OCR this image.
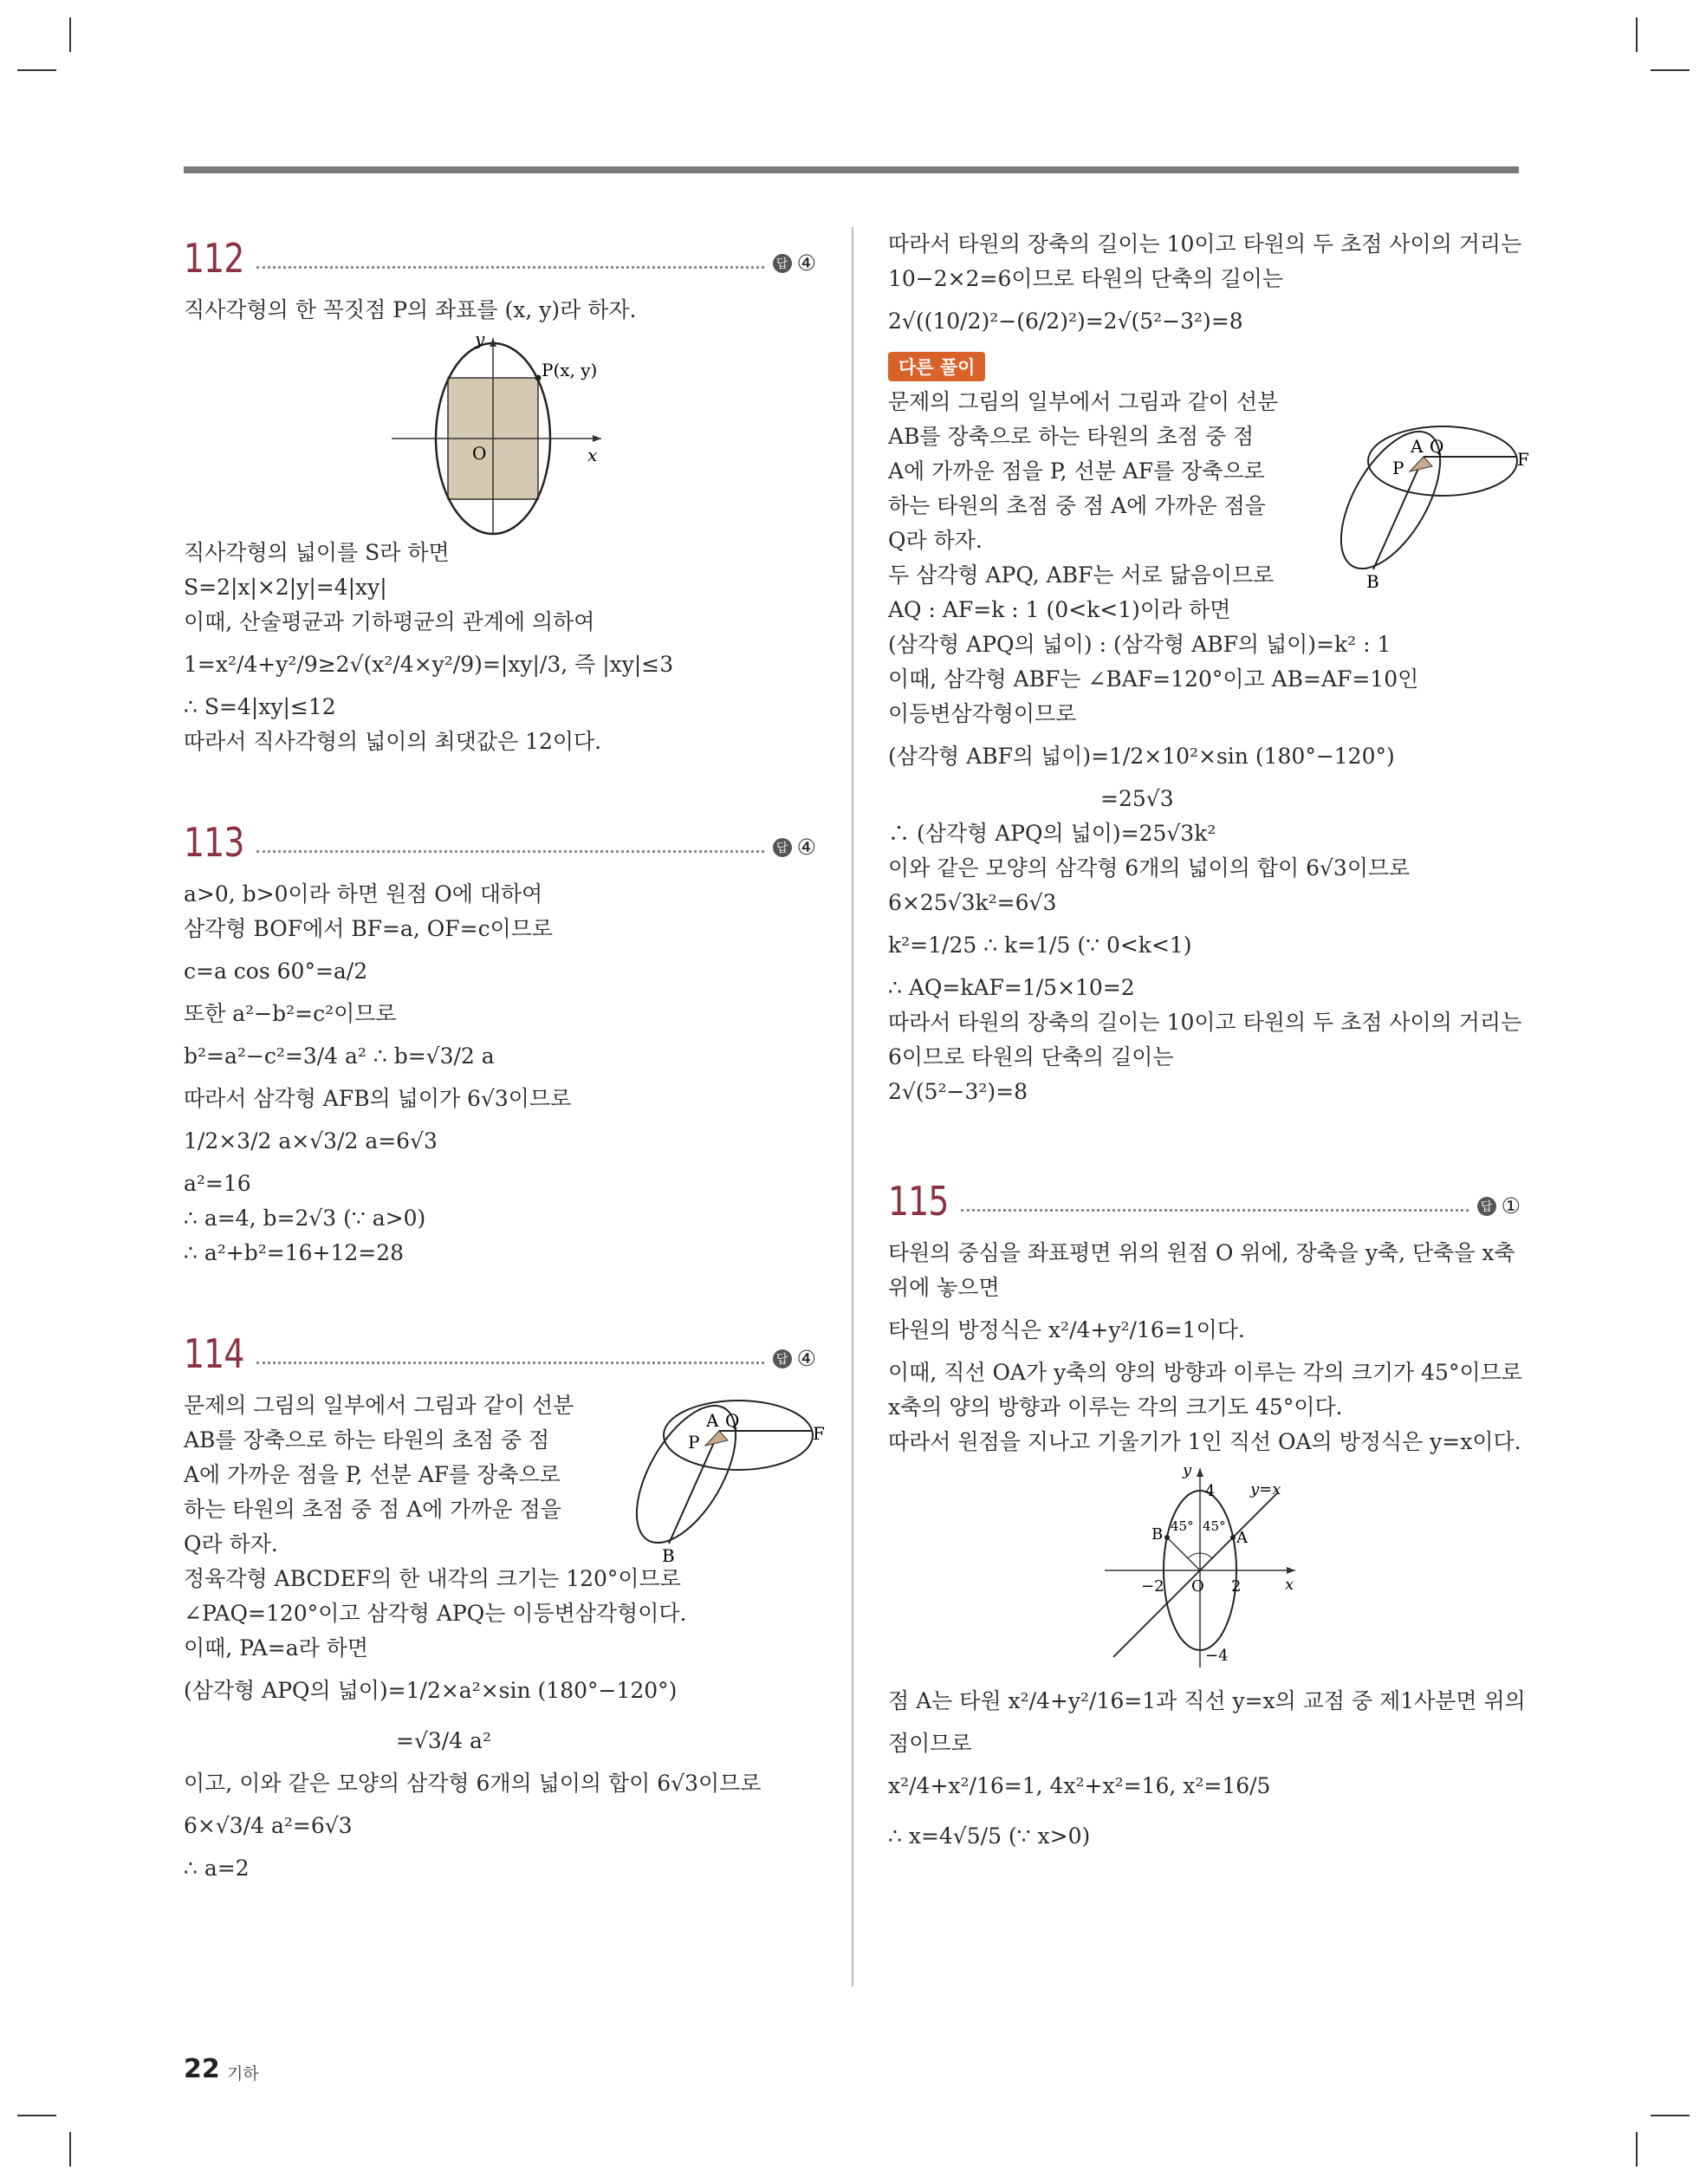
112	답 ④
직사각형의 한 꼭짓점 P의 좌표를 (x, y)라 하자.
y
x
O
P(x, y)
직사각형의 넓이를 S라 하면
S=2|x|×2|y|=4|xy|
이때, 산술평균과 기하평균의 관계에 의하여
1=x²/4+y²/9≥2√(x²/4×y²/9)=|xy|/3, 즉 |xy|≤3
∴ S=4|xy|≤12
따라서 직사각형의 넓이의 최댓값은 12이다.
113	답 ④
a>0, b>0이라 하면 원점 O에 대하여
삼각형 BOF에서 BF=a, OF=c이므로
c=a cos 60°=a/2
또한 a²−b²=c²이므로
b²=a²−c²=3/4 a² ∴ b=√3/2 a
따라서 삼각형 AFB의 넓이가 6√3이므로
1/2×3/2 a×√3/2 a=6√3
a²=16
∴ a=4, b=2√3 (∵ a>0)
∴ a²+b²=16+12=28
114	답 ④
A Q
P	F
B
문제의 그림의 일부에서 그림과 같이 선분
AB를 장축으로 하는 타원의 초점 중 점
A에 가까운 점을 P, 선분 AF를 장축으로
하는 타원의 초점 중 점 A에 가까운 점을
Q라 하자.
정육각형 ABCDEF의 한 내각의 크기는 120°이므로
∠PAQ=120°이고 삼각형 APQ는 이등변삼각형이다.
이때, PA=a라 하면
(삼각형 APQ의 넓이)=1/2×a²×sin (180°−120°)
=√3/4 a²
이고, 이와 같은 모양의 삼각형 6개의 넓이의 합이 6√3이므로
6×√3/4 a²=6√3
∴ a=2
따라서 타원의 장축의 길이는 10이고 타원의 두 초점 사이의 거리는
10−2×2=6이므로 타원의 단축의 길이는
2√((10/2)²−(6/2)²)=2√(5²−3²)=8
다른 풀이
A Q
P	F
B
문제의 그림의 일부에서 그림과 같이 선분
AB를 장축으로 하는 타원의 초점 중 점
A에 가까운 점을 P, 선분 AF를 장축으로
하는 타원의 초점 중 점 A에 가까운 점을
Q라 하자.
두 삼각형 APQ, ABF는 서로 닮음이므로
AQ : AF=k : 1 (0<k<1)이라 하면
(삼각형 APQ의 넓이) : (삼각형 ABF의 넓이)=k² : 1
이때, 삼각형 ABF는 ∠BAF=120°이고 AB=AF=10인
이등변삼각형이므로
(삼각형 ABF의 넓이)=1/2×10²×sin (180°−120°)
=25√3
∴ (삼각형 APQ의 넓이)=25√3k²
이와 같은 모양의 삼각형 6개의 넓이의 합이 6√3이므로
6×25√3k²=6√3
k²=1/25 ∴ k=1/5 (∵ 0<k<1)
∴ AQ=kAF=1/5×10=2
따라서 타원의 장축의 길이는 10이고 타원의 두 초점 사이의 거리는
6이므로 타원의 단축의 길이는
2√(5²−3²)=8
115	답 ①
타원의 중심을 좌표평면 위의 원점 O 위에, 장축을 y축, 단축을 x축
위에 놓으면
타원의 방정식은 x²/4+y²/16=1이다.
이때, 직선 OA가 y축의 양의 방향과 이루는 각의 크기가 45°이므로
x축의 양의 방향과 이루는 각의 크기도 45°이다.
따라서 원점을 지나고 기울기가 1인 직선 OA의 방정식은 y=x이다.
y
x
O
y=x
A
B 45° 45°
4
−4
−2	2
점 A는 타원 x²/4+y²/16=1과 직선 y=x의 교점 중 제1사분면 위의
점이므로
x²/4+x²/16=1, 4x²+x²=16, x²=16/5
∴ x=4√5/5 (∵ x>0)
22 기하
